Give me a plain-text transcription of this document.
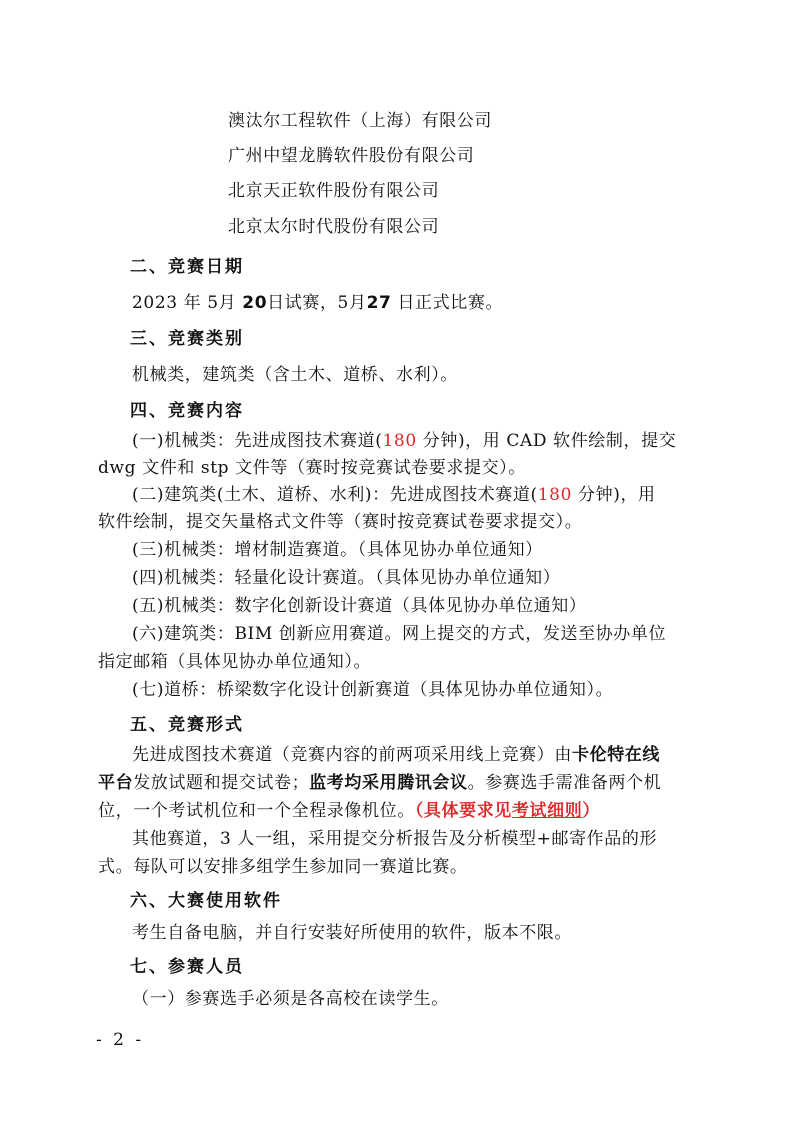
澳汰尔工程软件（上海）有限公司
广州中望龙腾软件股份有限公司
北京天正软件股份有限公司
北京太尔时代股份有限公司
二、竞赛日期
2023 年 5月 20日试赛，5月27 日正式比赛。
三、竞赛类别
机械类，建筑类（含土木、道桥、水利）。
四、竞赛内容
(一)机械类：先进成图技术赛道(180 分钟)，用 CAD 软件绘制，提交
dwg 文件和 stp 文件等（赛时按竞赛试卷要求提交）。
(二)建筑类(土木、道桥、水利)：先进成图技术赛道(180 分钟)，用
软件绘制，提交矢量格式文件等（赛时按竞赛试卷要求提交）。
(三)机械类：增材制造赛道。（具体见协办单位通知）
(四)机械类：轻量化设计赛道。（具体见协办单位通知）
(五)机械类：数字化创新设计赛道（具体见协办单位通知）
(六)建筑类：BIM 创新应用赛道。网上提交的方式，发送至协办单位
指定邮箱（具体见协办单位通知）。
(七)道桥：桥梁数字化设计创新赛道（具体见协办单位通知）。
五、竞赛形式
先进成图技术赛道（竞赛内容的前两项采用线上竞赛）由卡伦特在线
平台发放试题和提交试卷；监考均采用腾讯会议。参赛选手需准备两个机
位，一个考试机位和一个全程录像机位。（具体要求见考试细则）
其他赛道，3 人一组，采用提交分析报告及分析模型+邮寄作品的形
式。每队可以安排多组学生参加同一赛道比赛。
六、大赛使用软件
考生自备电脑，并自行安装好所使用的软件，版本不限。
七、参赛人员
（一）参赛选手必须是各高校在读学生。
- 2 -
